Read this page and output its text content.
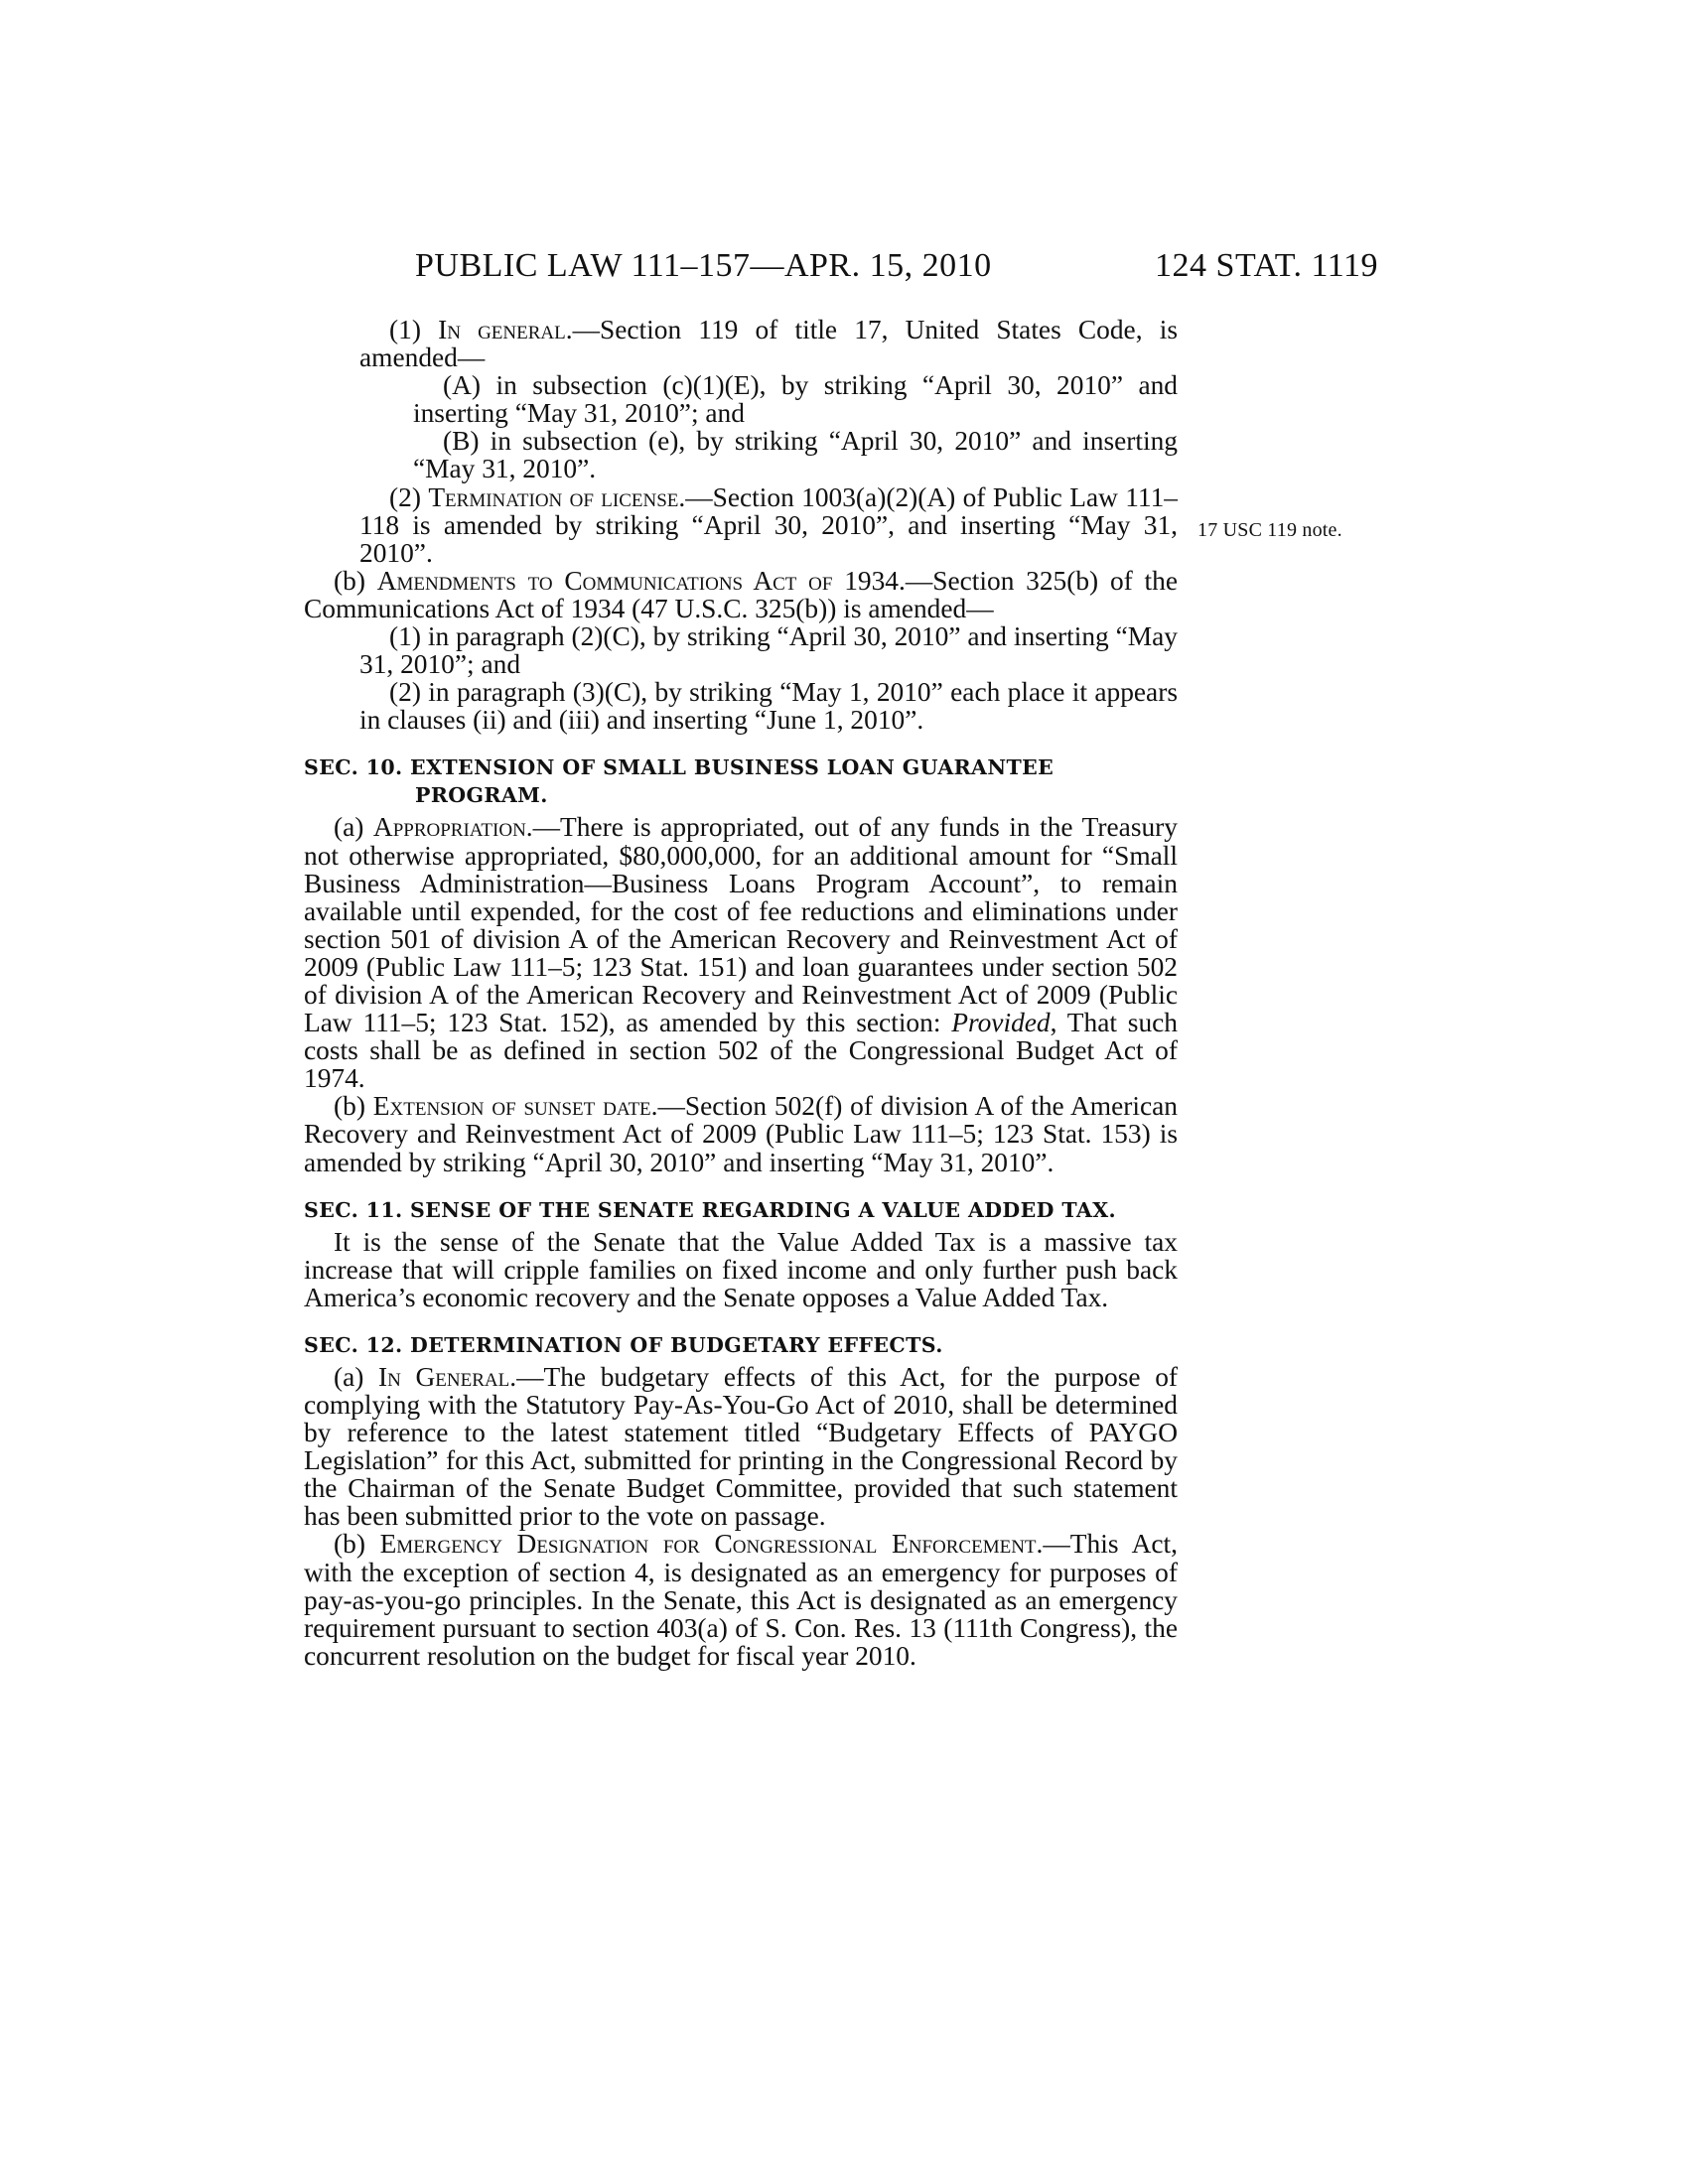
PUBLIC LAW 111–157—APR. 15, 2010	124 STAT. 1119
17 USC 119 note.

(1) In general.—Section 119 of title 17, United States Code, is amended—

(A) in subsection (c)(1)(E), by striking “April 30, 2010” and inserting “May 31, 2010”; and

(B) in subsection (e), by striking “April 30, 2010” and inserting “May 31, 2010”.

(2) Termination of license.—Section 1003(a)(2)(A) of Public Law 111–118 is amended by striking “April 30, 2010”, and inserting “May 31, 2010”.

(b) Amendments to Communications Act of 1934.—Section 325(b) of the Communications Act of 1934 (47 U.S.C. 325(b)) is amended—

(1) in paragraph (2)(C), by striking “April 30, 2010” and inserting “May 31, 2010”; and

(2) in paragraph (3)(C), by striking “May 1, 2010” each place it appears in clauses (ii) and (iii) and inserting “June 1, 2010”.

SEC. 10. EXTENSION OF SMALL BUSINESS LOAN GUARANTEE PROGRAM.

(a) Appropriation.—There is appropriated, out of any funds in the Treasury not otherwise appropriated, $80,000,000, for an additional amount for “Small Business Administration—Business Loans Program Account”, to remain available until expended, for the cost of fee reductions and eliminations under section 501 of division A of the American Recovery and Reinvestment Act of 2009 (Public Law 111–5; 123 Stat. 151) and loan guarantees under section 502 of division A of the American Recovery and Reinvestment Act of 2009 (Public Law 111–5; 123 Stat. 152), as amended by this section: Provided, That such costs shall be as defined in section 502 of the Congressional Budget Act of 1974.

(b) Extension of sunset date.—Section 502(f) of division A of the American Recovery and Reinvestment Act of 2009 (Public Law 111–5; 123 Stat. 153) is amended by striking “April 30, 2010” and inserting “May 31, 2010”.

SEC. 11. SENSE OF THE SENATE REGARDING A VALUE ADDED TAX.

It is the sense of the Senate that the Value Added Tax is a massive tax increase that will cripple families on fixed income and only further push back America’s economic recovery and the Senate opposes a Value Added Tax.

SEC. 12. DETERMINATION OF BUDGETARY EFFECTS.

(a) In General.—The budgetary effects of this Act, for the purpose of complying with the Statutory Pay-As-You-Go Act of 2010, shall be determined by reference to the latest statement titled “Budgetary Effects of PAYGO Legislation” for this Act, submitted for printing in the Congressional Record by the Chairman of the Senate Budget Committee, provided that such statement has been submitted prior to the vote on passage.

(b) Emergency Designation for Congressional Enforcement.—This Act, with the exception of section 4, is designated as an emergency for purposes of pay-as-you-go principles. In the Senate, this Act is designated as an emergency requirement pursuant to section 403(a) of S. Con. Res. 13 (111th Congress), the concurrent resolution on the budget for fiscal year 2010.
